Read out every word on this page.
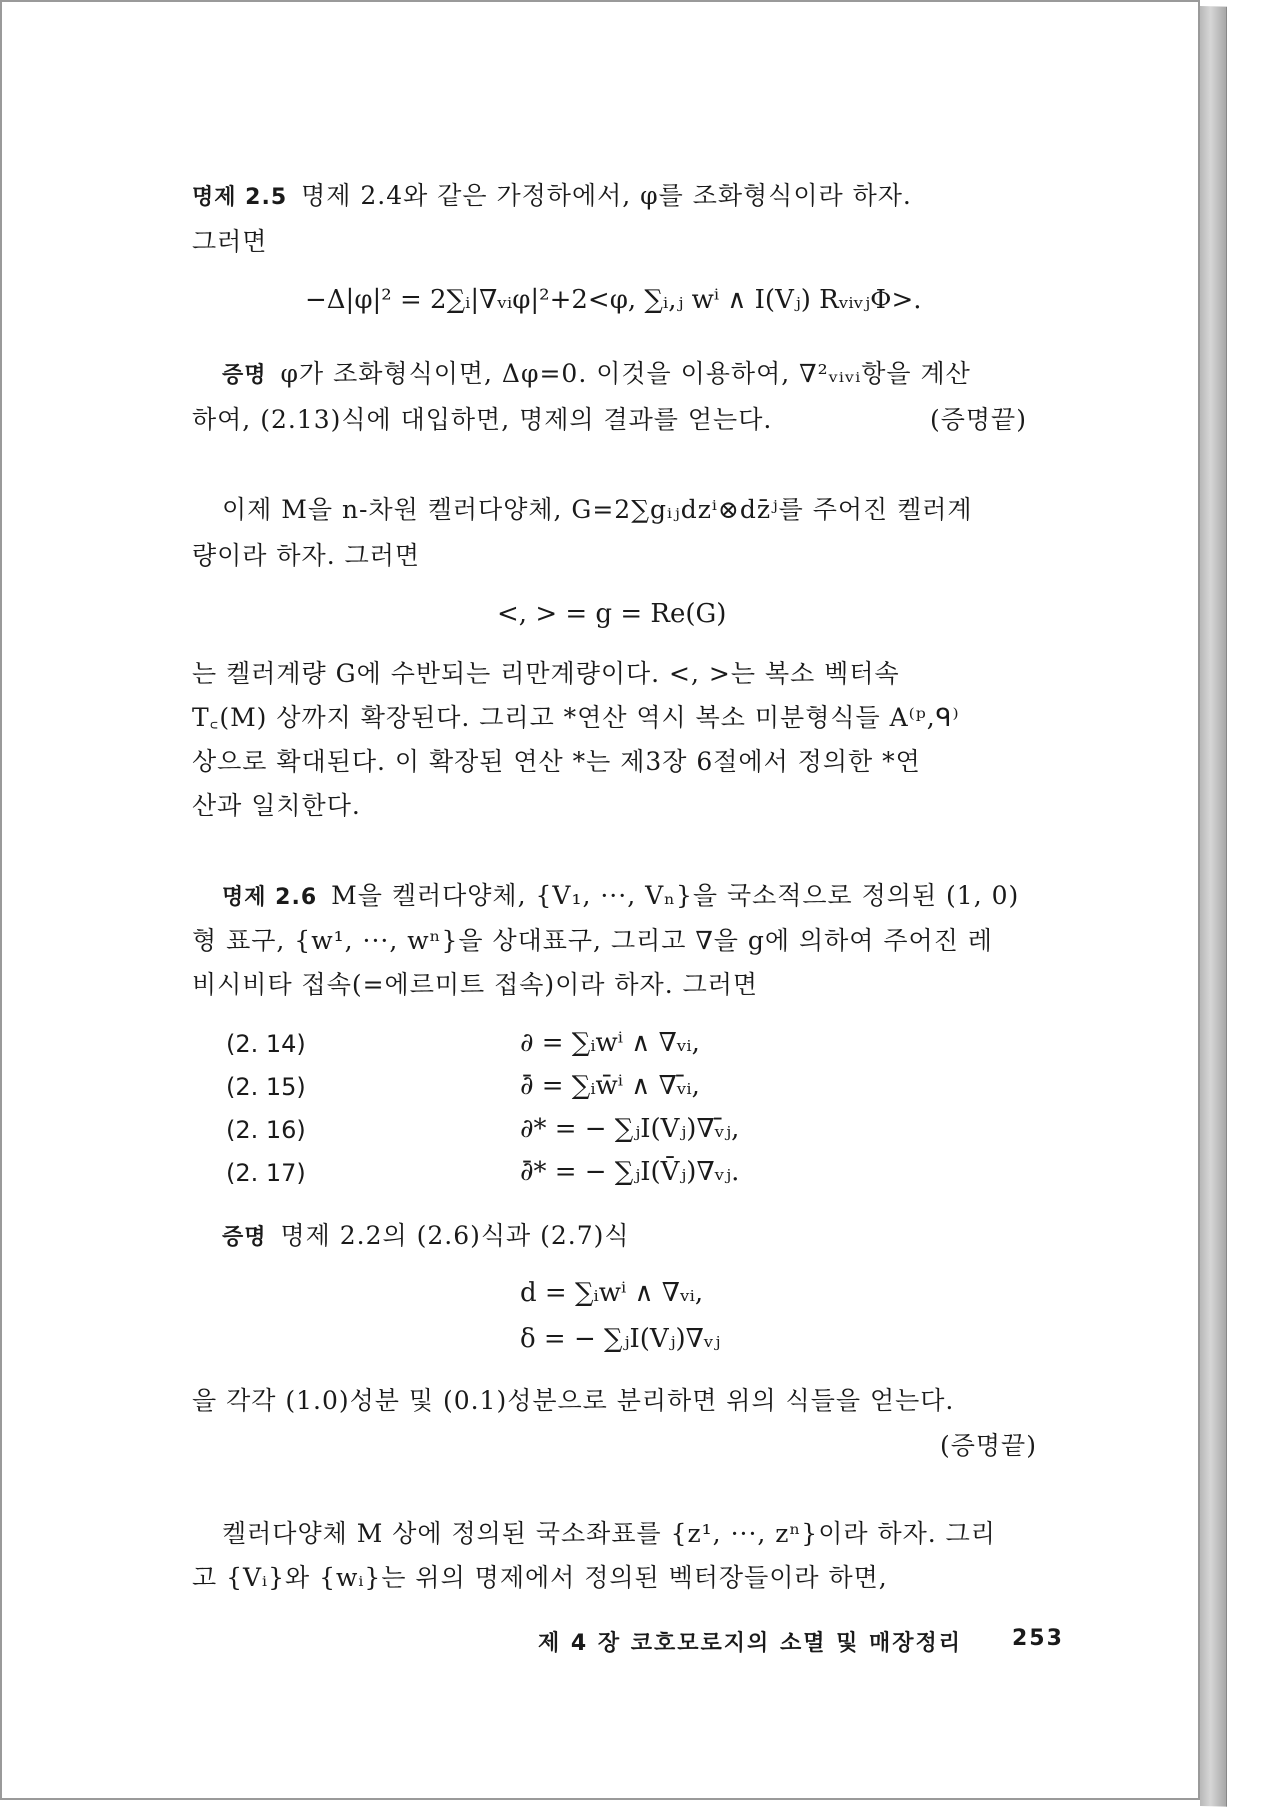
명제 2.5 명제 2.4와 같은 가정하에서, φ를 조화형식이라 하자.
그러면
−Δ|φ|² = 2∑ᵢ|∇ᵥᵢφ|²+2<φ, ∑ᵢ,ⱼ wⁱ ∧ I(Vⱼ) RᵥᵢᵥⱼΦ>.
증명 φ가 조화형식이면, Δφ=0. 이것을 이용하여, ∇²ᵥᵢᵥᵢ항을 계산
하여, (2.13)식에 대입하면, 명제의 결과를 얻는다.	(증명끝)
이제 M을 n-차원 켈러다양체, G=2∑gᵢⱼdzⁱ⊗dz̄ʲ를 주어진 켈러계
량이라 하자. 그러면
<, > = g = Re(G)
는 켈러계량 G에 수반되는 리만계량이다. <, >는 복소 벡터속
T꜀(M) 상까지 확장된다. 그리고 *연산 역시 복소 미분형식들 A⁽ᵖ,ᑫ⁾
상으로 확대된다. 이 확장된 연산 *는 제3장 6절에서 정의한 *연
산과 일치한다.
명제 2.6 M을 켈러다양체, {V₁, ···, Vₙ}을 국소적으로 정의된 (1, 0)
형 표구, {w¹, ···, wⁿ}을 상대표구, 그리고 ∇을 g에 의하여 주어진 레
비시비타 접속(=에르미트 접속)이라 하자. 그러면
(2. 14)	∂ = ∑ᵢwⁱ ∧ ∇ᵥᵢ,
(2. 15)	∂̄ = ∑ᵢw̄ⁱ ∧ ∇ᵥ̄ᵢ,
(2. 16)	∂* = − ∑ⱼI(Vⱼ)∇ᵥ̄ⱼ,
(2. 17)	∂̄* = − ∑ⱼI(V̄ⱼ)∇ᵥⱼ.
증명 명제 2.2의 (2.6)식과 (2.7)식
d = ∑ᵢwⁱ ∧ ∇ᵥᵢ,
δ = − ∑ⱼI(Vⱼ)∇ᵥⱼ
을 각각 (1.0)성분 및 (0.1)성분으로 분리하면 위의 식들을 얻는다.
(증명끝)
켈러다양체 M 상에 정의된 국소좌표를 {z¹, ···, zⁿ}이라 하자. 그리
고 {Vᵢ}와 {wᵢ}는 위의 명제에서 정의된 벡터장들이라 하면,
제 4 장 코호모로지의 소멸 및 매장정리 253
